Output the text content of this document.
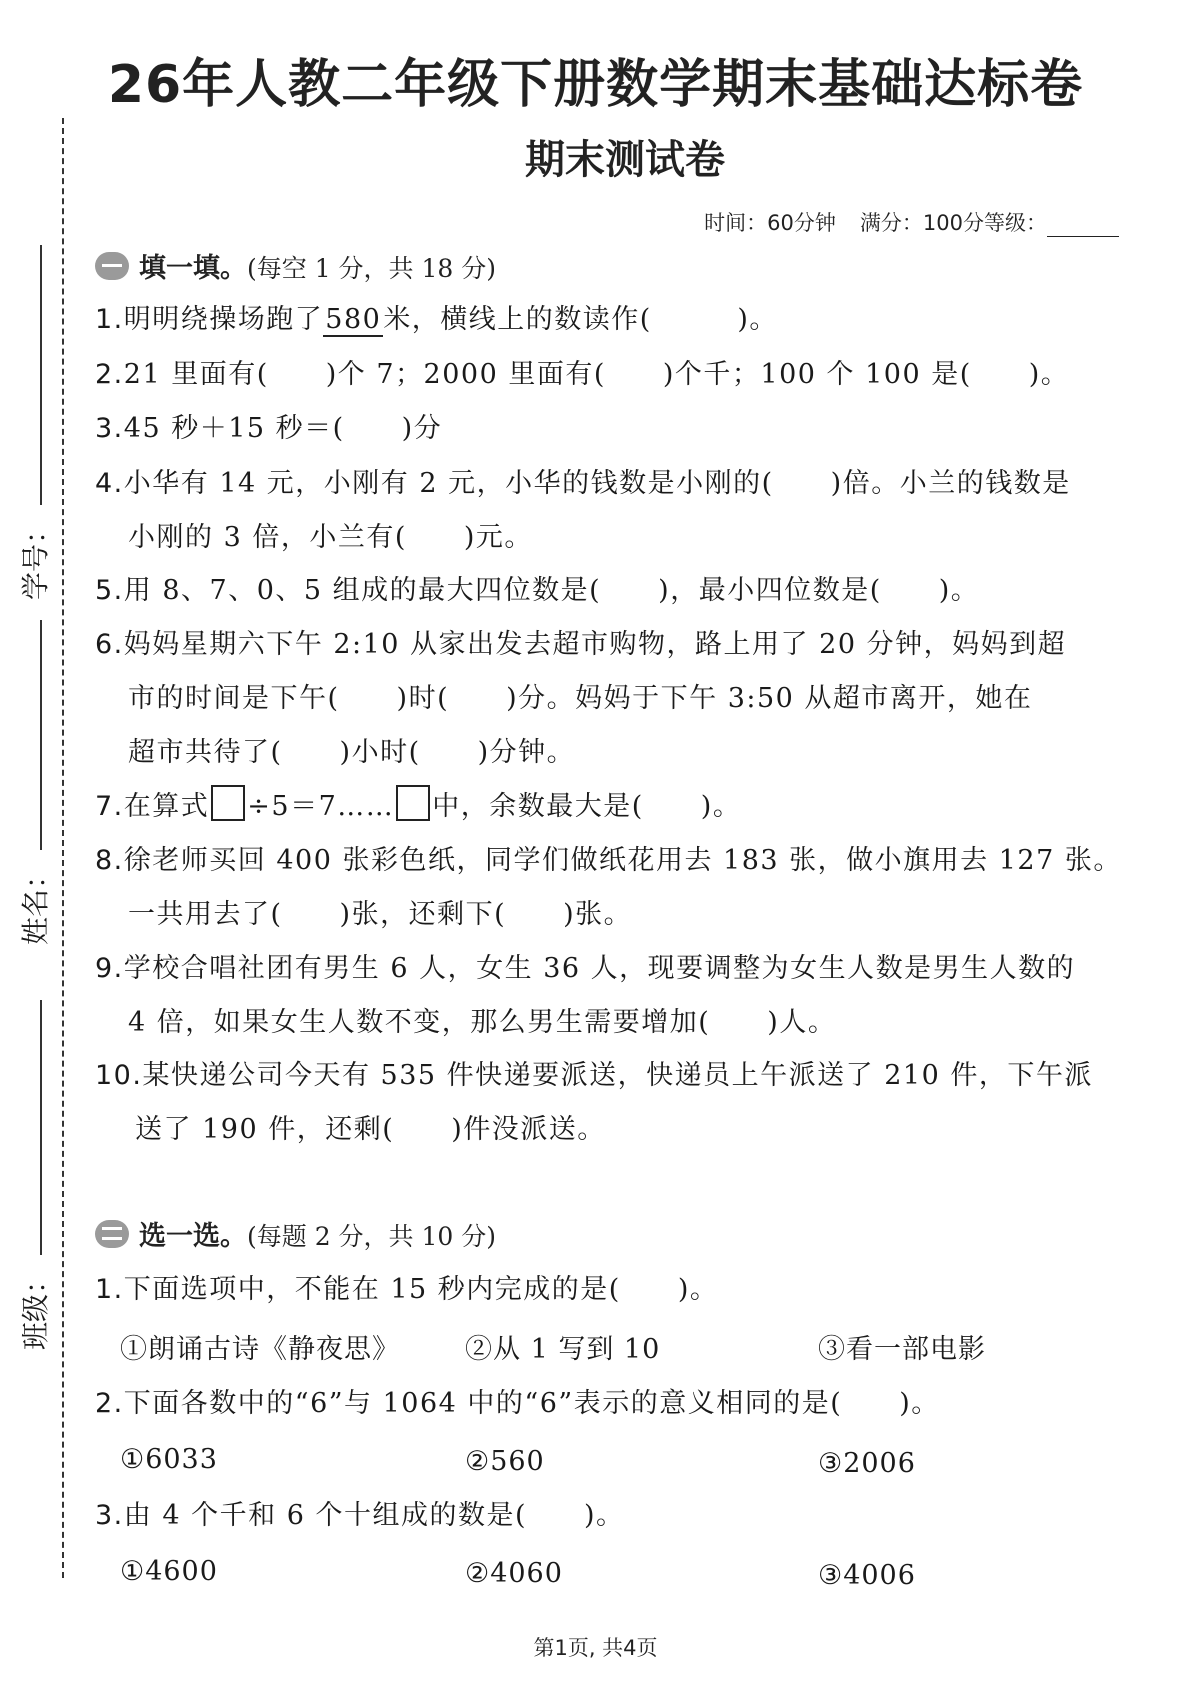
26年人教二年级下册数学期末基础达标卷
期末测试卷
时间：60分钟 满分：100分等级：
学号：
姓名：
班级：
填一填。(每空 1 分，共 18 分)
1.明明绕操场跑了580米，横线上的数读作(　　　)。
2.21 里面有(　　)个 7；2000 里面有(　　)个千；100 个 100 是(　　)。
3.45 秒＋15 秒＝(　　)分
4.小华有 14 元，小刚有 2 元，小华的钱数是小刚的(　　)倍。小兰的钱数是
小刚的 3 倍，小兰有(　　)元。
5.用 8、7、0、5 组成的最大四位数是(　　)，最小四位数是(　　)。
6.妈妈星期六下午 2:10 从家出发去超市购物，路上用了 20 分钟，妈妈到超
市的时间是下午(　　)时(　　)分。妈妈于下午 3:50 从超市离开，她在
超市共待了(　　)小时(　　)分钟。
7.在算式 ÷5＝7…… 中，余数最大是(　　)。
8.徐老师买回 400 张彩色纸，同学们做纸花用去 183 张，做小旗用去 127 张。
一共用去了(　　)张，还剩下(　　)张。
9.学校合唱社团有男生 6 人，女生 36 人，现要调整为女生人数是男生人数的
4 倍，如果女生人数不变，那么男生需要增加(　　)人。
10.某快递公司今天有 535 件快递要派送，快递员上午派送了 210 件，下午派
送了 190 件，还剩(　　)件没派送。
选一选。(每题 2 分，共 10 分)
1.下面选项中，不能在 15 秒内完成的是(　　)。
①朗诵古诗《静夜思》 ②从 1 写到 10	③看一部电影
2.下面各数中的“6”与 1064 中的“6”表示的意义相同的是(　　)。
①6033	②560	③2006
3.由 4 个千和 6 个十组成的数是(　　)。
①4600	②4060	③4006
第1页, 共4页
